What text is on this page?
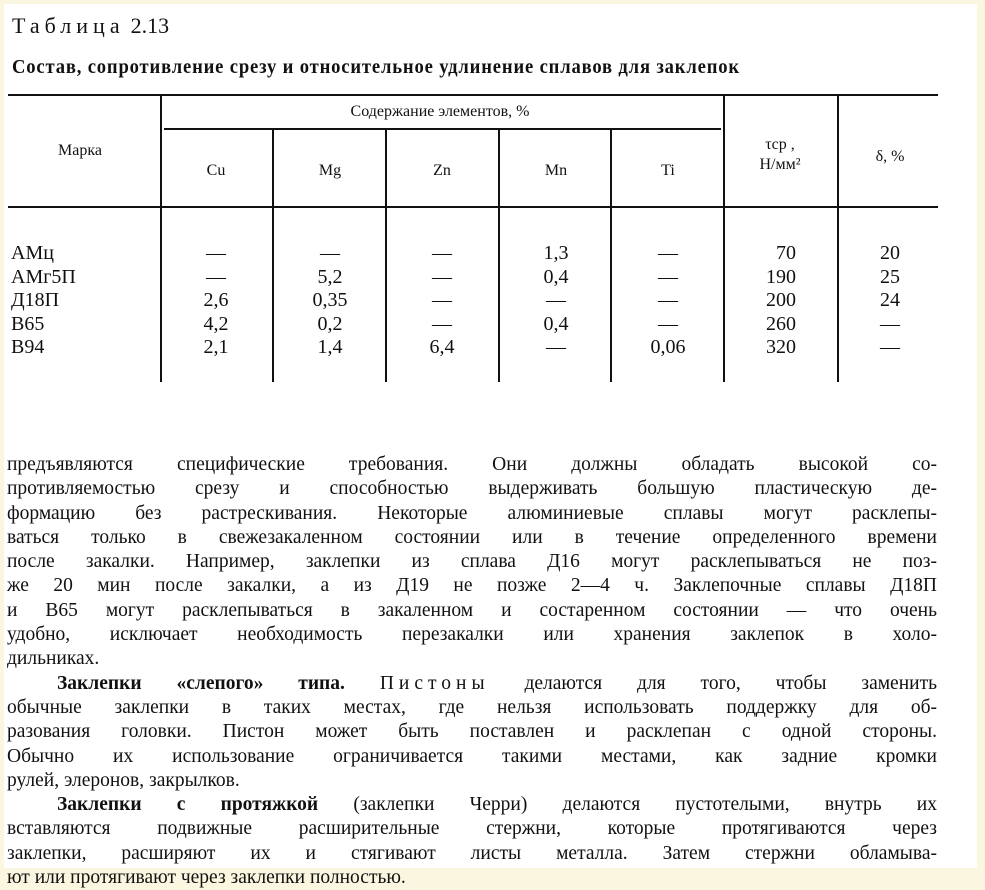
Таблица 2.13
Состав, сопротивление срезу и относительное удлинение сплавов для заклепок
Марка
Содержание элементов, %
Cu	Mg	Zn	Mn	Ti
τср ,
Н/мм²	δ, %
АМц	—	—	—	1,3	—	70	20
АМг5П	—	5,2	—	0,4	—	190	25
Д18П	2,6	0,35	—	—	—	200	24
В65	4,2	0,2	—	0,4	—	260	—
В94	2,1	1,4	6,4	—	0,06	320	—
предъявляются специфические требования. Они должны обладать высокой со-
противляемостью срезу и способностью выдерживать большую пластическую де-
формацию без растрескивания. Некоторые алюминиевые сплавы могут расклепы-
ваться только в свежезакаленном состоянии или в течение определенного времени
после закалки. Например, заклепки из сплава Д16 могут расклепываться не поз-
же 20 мин после закалки, а из Д19 не позже 2—4 ч. Заклепочные сплавы Д18П
и В65 могут расклепываться в закаленном и состаренном состоянии — что очень
удобно, исключает необходимость перезакалки или хранения заклепок в холо-
дильниках.
Заклепки «слепого» типа. Пистоны делаются для того, чтобы заменить
обычные заклепки в таких местах, где нельзя использовать поддержку для об-
разования головки. Пистон может быть поставлен и расклепан с одной стороны.
Обычно их использование ограничивается такими местами, как задние кромки
рулей, элеронов, закрылков.
Заклепки с протяжкой (заклепки Черри) делаются пустотелыми, внутрь их
вставляются подвижные расширительные стержни, которые протягиваются через
заклепки, расширяют их и стягивают листы металла. Затем стержни обламыва-
ют или протягивают через заклепки полностью.
